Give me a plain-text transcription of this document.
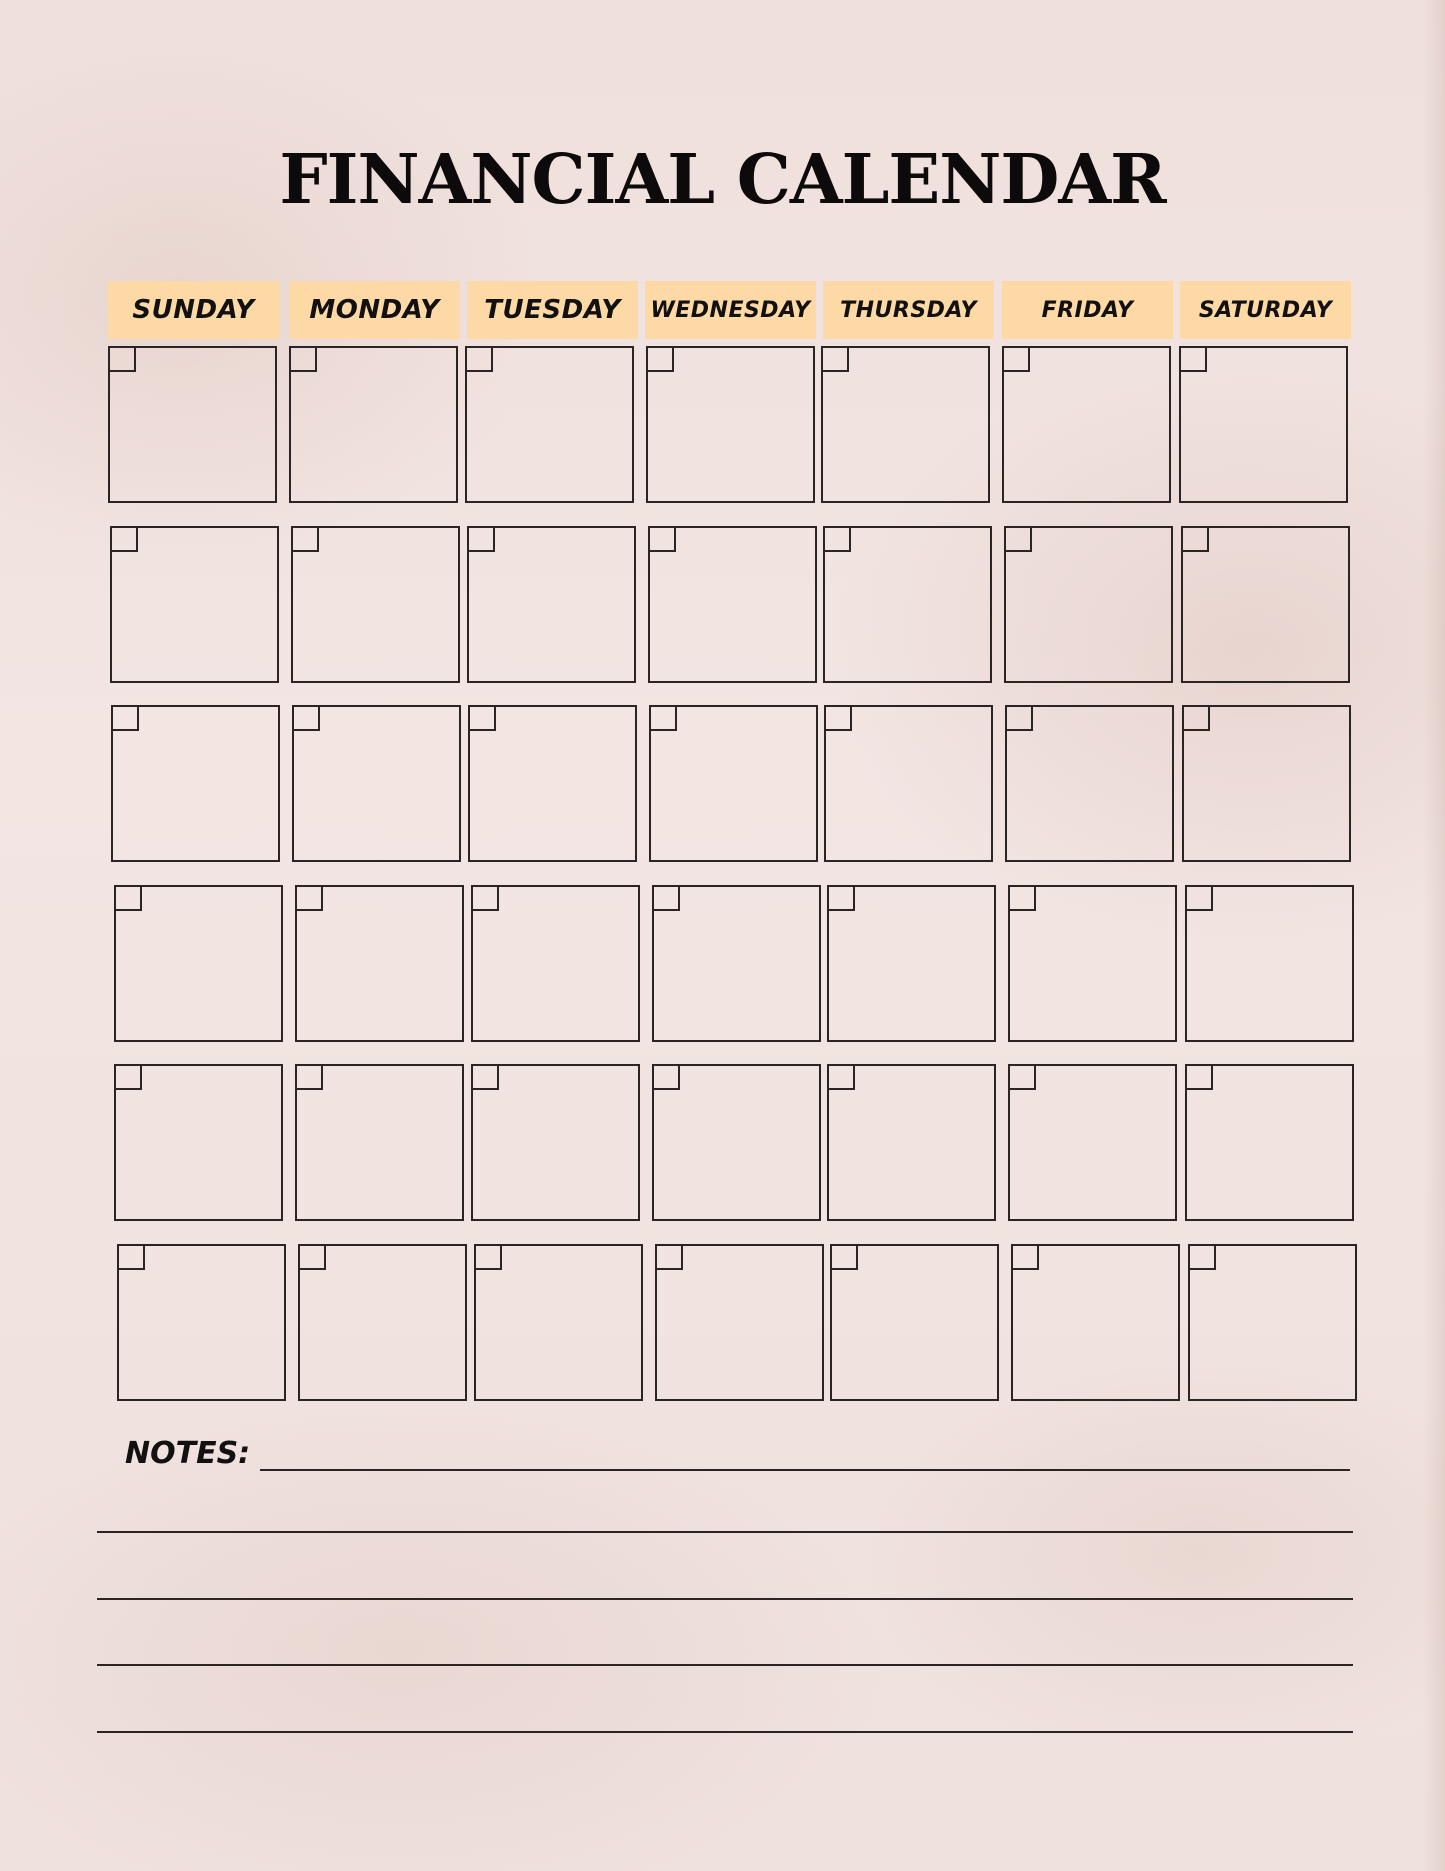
FINANCIAL CALENDAR
SUNDAY	MONDAY	TUESDAY	WEDNESDAY	THURSDAY	FRIDAY	SATURDAY
NOTES:
